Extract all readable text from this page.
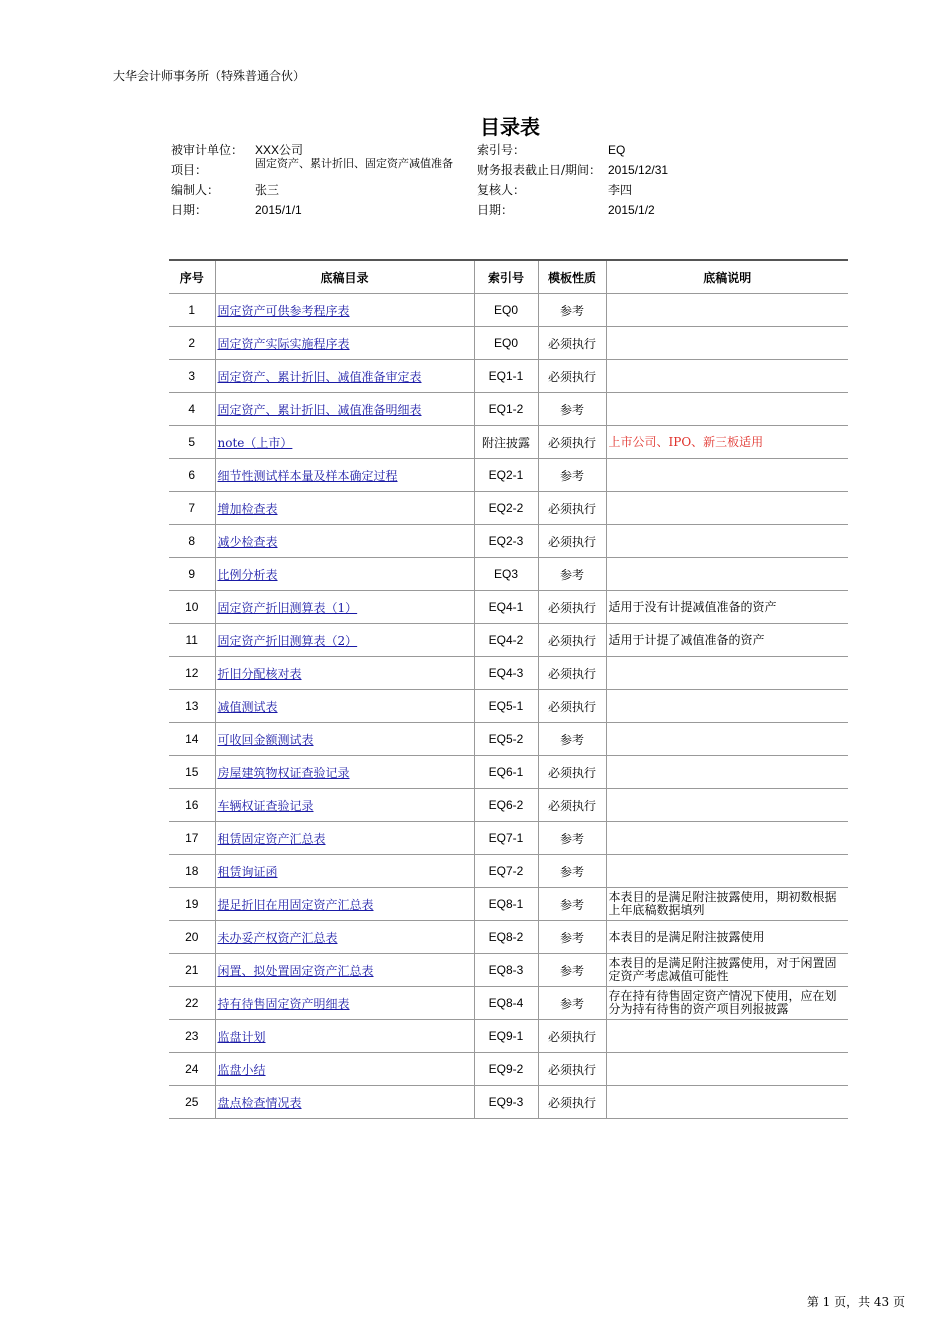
大华会计师事务所（特殊普通合伙）
目录表
被审计单位： XXX公司
项目：	固定资产、累计折旧、固定资产减值准备
编制人：	张三
日期：	2015/1/1
索引号：	EQ
财务报表截止日/期间： 2015/12/31
复核人：	李四
日期：	2015/1/2
序号	底稿目录	索引号	模板性质	底稿说明
1	固定资产可供参考程序表	EQ0	参考	
2	固定资产实际实施程序表	EQ0	必须执行	
3	固定资产、累计折旧、减值准备审定表	EQ1-1	必须执行	
4	固定资产、累计折旧、减值准备明细表	EQ1-2	参考	
5	note（上市）	附注披露	必须执行	上市公司、IPO、新三板适用
6	细节性测试样本量及样本确定过程	EQ2-1	参考	
7	增加检查表	EQ2-2	必须执行	
8	减少检查表	EQ2-3	必须执行	
9	比例分析表	EQ3	参考	
10	固定资产折旧测算表（1）	EQ4-1	必须执行	适用于没有计提减值准备的资产
11	固定资产折旧测算表（2）	EQ4-2	必须执行	适用于计提了减值准备的资产
12	折旧分配核对表	EQ4-3	必须执行	
13	减值测试表	EQ5-1	必须执行	
14	可收回金额测试表	EQ5-2	参考	
15	房屋建筑物权证查验记录	EQ6-1	必须执行	
16	车辆权证查验记录	EQ6-2	必须执行	
17	租赁固定资产汇总表	EQ7-1	参考	
18	租赁询证函	EQ7-2	参考	
19	提足折旧在用固定资产汇总表	EQ8-1	参考	本表目的是满足附注披露使用，期初数根据上年底稿数据填列
20	未办妥产权资产汇总表	EQ8-2	参考	本表目的是满足附注披露使用
21	闲置、拟处置固定资产汇总表	EQ8-3	参考	本表目的是满足附注披露使用，对于闲置固定资产考虑减值可能性
22	持有待售固定资产明细表	EQ8-4	参考	存在持有待售固定资产情况下使用，应在划分为持有待售的资产项目列报披露
23	监盘计划	EQ9-1	必须执行	
24	监盘小结	EQ9-2	必须执行	
25	盘点检查情况表	EQ9-3	必须执行	
第 1 页，共 43 页
